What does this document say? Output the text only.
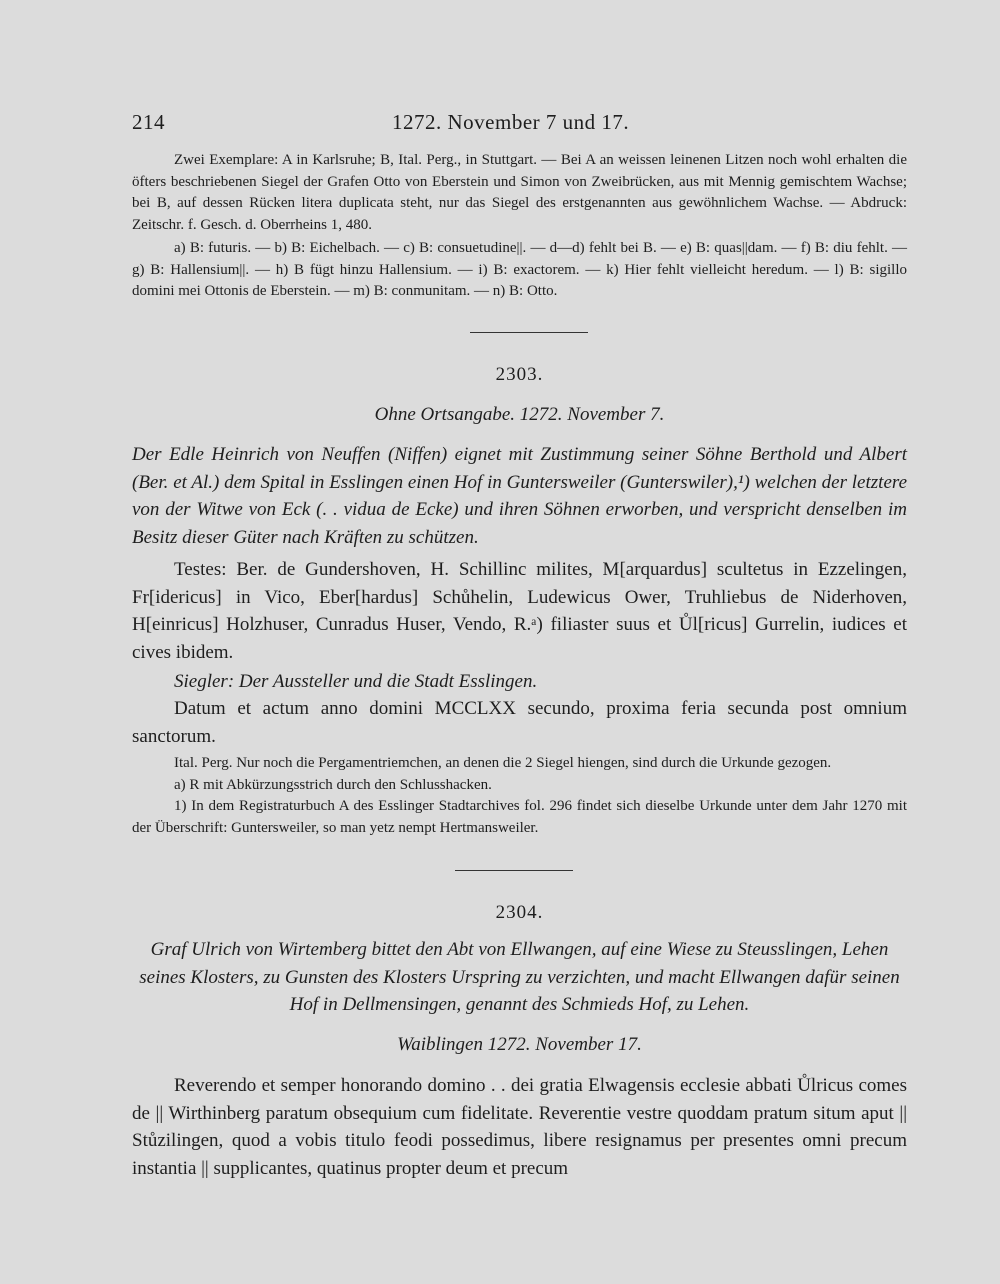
214	1272. November 7 und 17.

Zwei Exemplare: A in Karlsruhe; B, Ital. Perg., in Stuttgart. — Bei A an weissen leinenen Litzen noch wohl erhalten die öfters beschriebenen Siegel der Grafen Otto von Eberstein und Simon von Zweibrücken, aus mit Mennig gemischtem Wachse; bei B, auf dessen Rücken litera duplicata steht, nur das Siegel des erstgenannten aus gewöhnlichem Wachse. — Abdruck: Zeitschr. f. Gesch. d. Oberrheins 1, 480.

a) B: futuris. — b) B: Eichelbach. — c) B: consuetudine||. — d—d) fehlt bei B. — e) B: quas||dam. — f) B: diu fehlt. — g) B: Hallensium||. — h) B fügt hinzu Hallensium. — i) B: exactorem. — k) Hier fehlt vielleicht heredum. — l) B: sigillo domini mei Ottonis de Eberstein. — m) B: conmunitam. — n) B: Otto.

2303.
Ohne Ortsangabe. 1272. November 7.
Der Edle Heinrich von Neuffen (Niffen) eignet mit Zustimmung seiner Söhne Berthold und Albert (Ber. et Al.) dem Spital in Esslingen einen Hof in Guntersweiler (Gunterswiler),¹) welchen der letztere von der Witwe von Eck (. . vidua de Ecke) und ihren Söhnen erworben, und verspricht denselben im Besitz dieser Güter nach Kräften zu schützen.
Testes: Ber. de Gundershoven, H. Schillinc milites, M[arquardus] scultetus in Ezzelingen, Fr[idericus] in Vico, Eber[hardus] Schůhelin, Ludewicus Ower, Truhliebus de Niderhoven, H[einricus] Holzhuser, Cunradus Huser, Vendo, R.ᵃ) filiaster suus et Ůl[ricus] Gurrelin, iudices et cives ibidem.
Siegler: Der Aussteller und die Stadt Esslingen.
Datum et actum anno domini MCCLXX secundo, proxima feria secunda post omnium sanctorum.

Ital. Perg. Nur noch die Pergamentriemchen, an denen die 2 Siegel hiengen, sind durch die Urkunde gezogen.

a) R mit Abkürzungsstrich durch den Schlusshacken.

1) In dem Registraturbuch A des Esslinger Stadtarchives fol. 296 findet sich dieselbe Urkunde unter dem Jahr 1270 mit der Überschrift: Guntersweiler, so man yetz nempt Hertmansweiler.

2304.
Graf Ulrich von Wirtemberg bittet den Abt von Ellwangen, auf eine Wiese zu Steusslingen, Lehen seines Klosters, zu Gunsten des Klosters Urspring zu verzichten, und macht Ellwangen dafür seinen Hof in Dellmensingen, genannt des Schmieds Hof, zu Lehen.
Waiblingen 1272. November 17.
Reverendo et semper honorando domino . . dei gratia Elwagensis ecclesie abbati Ůlricus comes de || Wirthinberg paratum obsequium cum fidelitate. Reverentie vestre quoddam pratum situm aput || Stůzilingen, quod a vobis titulo feodi possedimus, libere resignamus per presentes omni precum instantia || supplicantes, quatinus propter deum et precum
